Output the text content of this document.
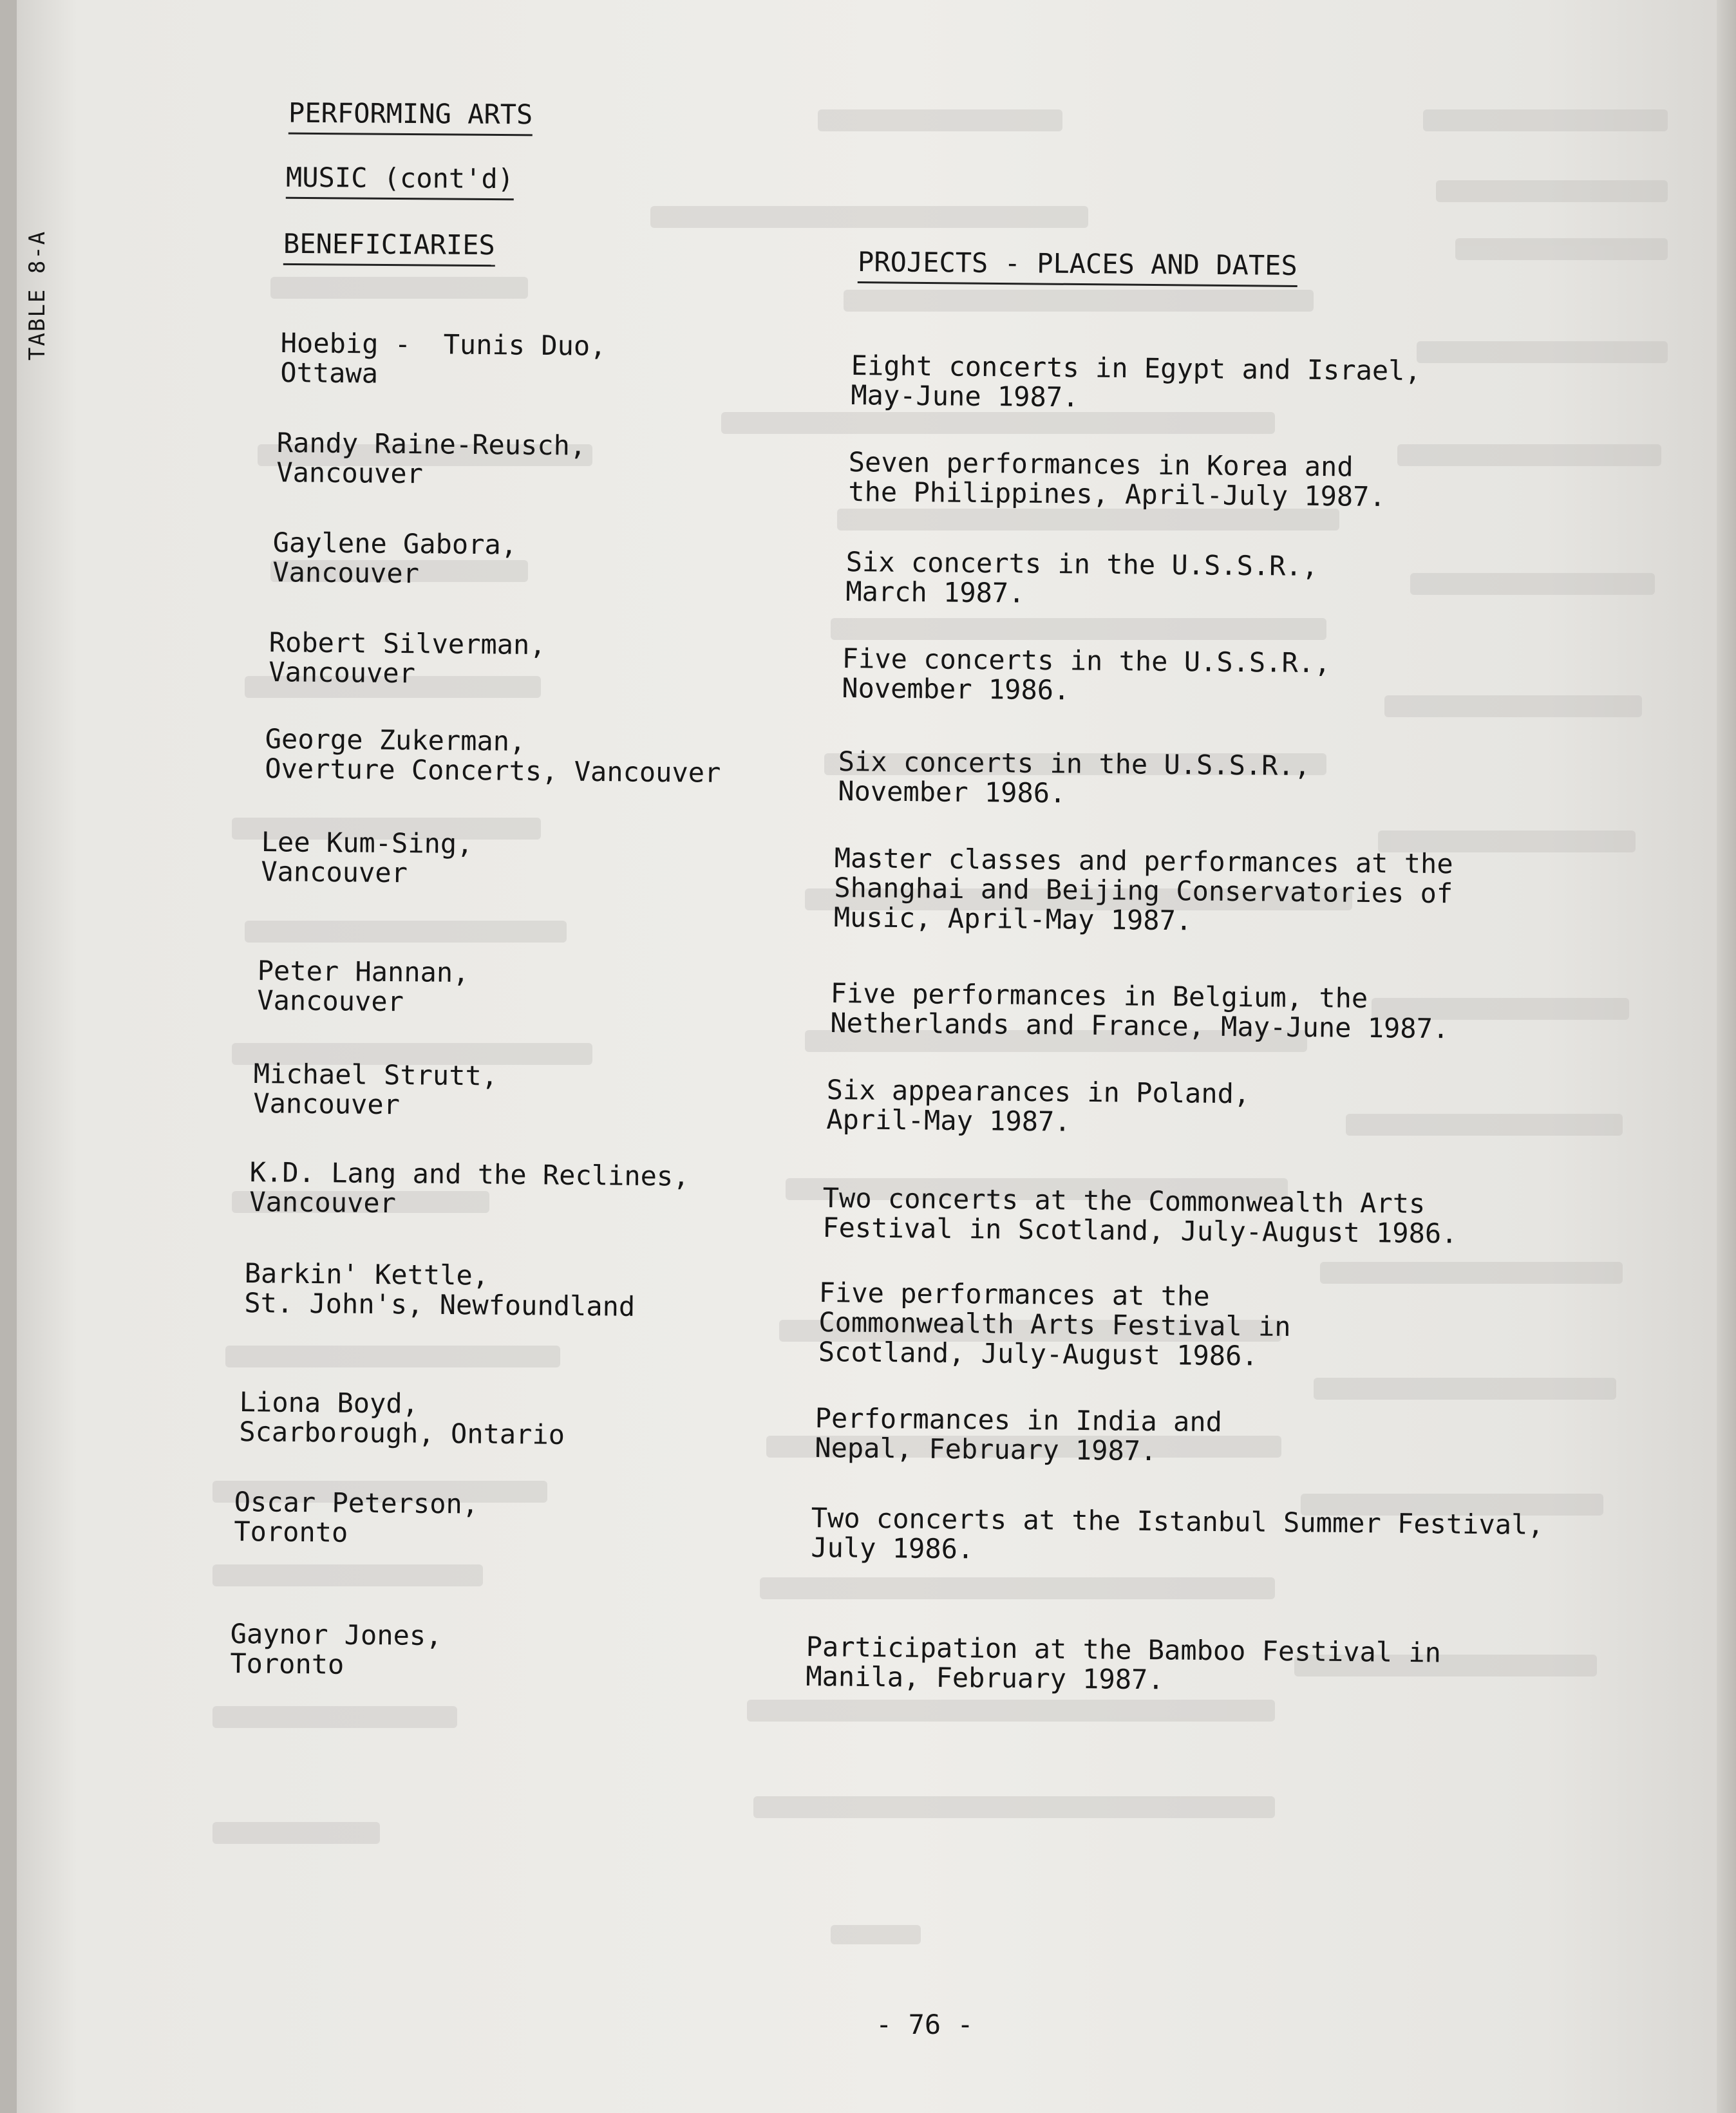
TABLE 8-A
PERFORMING ARTS
MUSIC (cont'd)
BENEFICIARIES
PROJECTS - PLACES AND DATES
Hoebig -  Tunis Duo,
Ottawa	Eight concerts in Egypt and Israel,
May-June 1987.
Randy Raine-Reusch,
Vancouver	Seven performances in Korea and
the Philippines, April-July 1987.
Gaylene Gabora,
Vancouver	Six concerts in the U.S.S.R.,
March 1987.
Robert Silverman,
Vancouver	Five concerts in the U.S.S.R.,
November 1986.
George Zukerman,
Overture Concerts, Vancouver	Six concerts in the U.S.S.R.,
November 1986.
Lee Kum-Sing,
Vancouver	Master classes and performances at the
Shanghai and Beijing Conservatories of
Music, April-May 1987.
Peter Hannan,
Vancouver	Five performances in Belgium, the
Netherlands and France, May-June 1987.
Michael Strutt,
Vancouver	Six appearances in Poland,
April-May 1987.
K.D. Lang and the Reclines,
Vancouver	Two concerts at the Commonwealth Arts
Festival in Scotland, July-August 1986.
Barkin' Kettle,
St. John's, Newfoundland	Five performances at the
Commonwealth Arts Festival in
Scotland, July-August 1986.
Liona Boyd,
Scarborough, Ontario	Performances in India and
Nepal, February 1987.
Oscar Peterson,
Toronto	Two concerts at the Istanbul Summer Festival,
July 1986.
Gaynor Jones,
Toronto	Participation at the Bamboo Festival in
Manila, February 1987.
- 76 -
